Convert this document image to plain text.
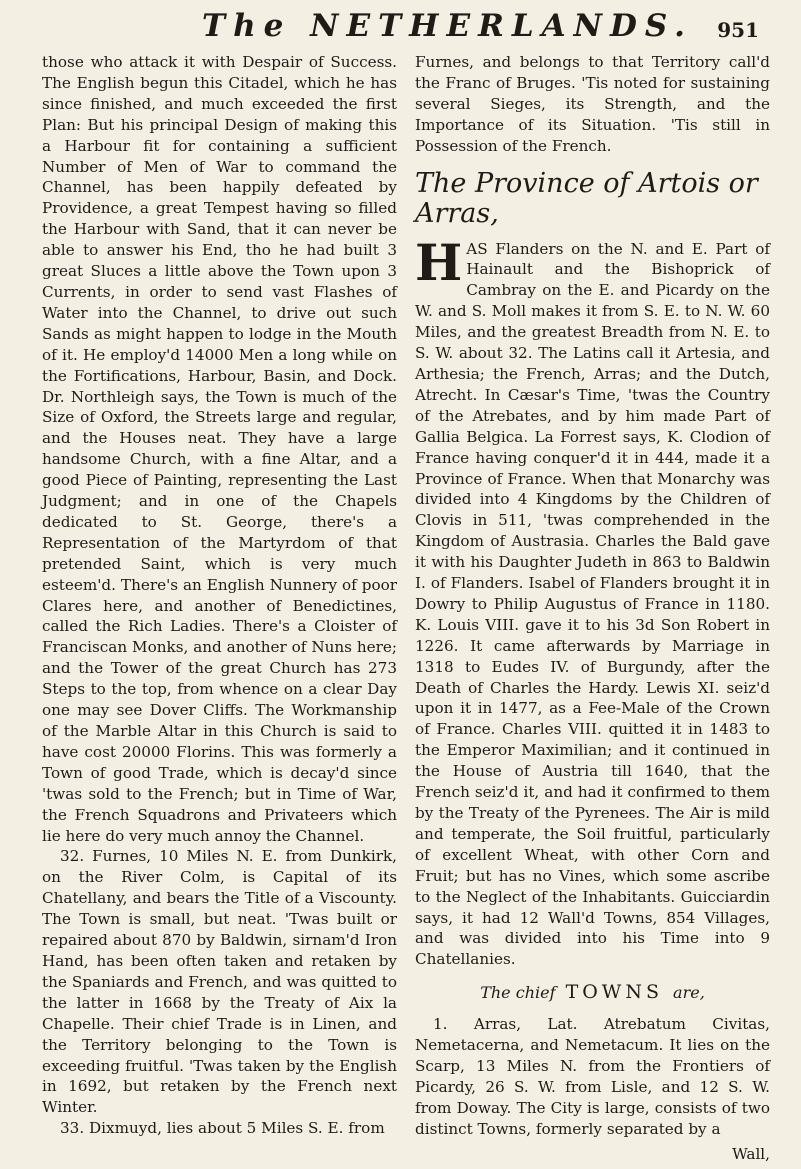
The NETHERLANDS. 951

those who attack it with Despair of Success. The English begun this Citadel, which he has since finished, and much exceeded the first Plan: But his principal Design of making this a Harbour fit for containing a sufficient Number of Men of War to command the Channel, has been happily defeated by Providence, a great Tempest having so filled the Harbour with Sand, that it can never be able to answer his End, tho he had built 3 great Sluces a little above the Town upon 3 Currents, in order to send vast Flashes of Water into the Channel, to drive out such Sands as might happen to lodge in the Mouth of it. He employ'd 14000 Men a long while on the Fortifications, Harbour, Basin, and Dock. Dr. Northleigh says, the Town is much of the Size of Oxford, the Streets large and regular, and the Houses neat. They have a large handsome Church, with a fine Altar, and a good Piece of Painting, representing the Last Judgment; and in one of the Chapels dedicated to St. George, there's a Representation of the Martyrdom of that pretended Saint, which is very much esteem'd. There's an English Nunnery of poor Clares here, and another of Benedictines, called the Rich Ladies. There's a Cloister of Franciscan Monks, and another of Nuns here; and the Tower of the great Church has 273 Steps to the top, from whence on a clear Day one may see Dover Cliffs. The Workmanship of the Marble Altar in this Church is said to have cost 20000 Florins. This was formerly a Town of good Trade, which is decay'd since 'twas sold to the French; but in Time of War, the French Squadrons and Privateers which lie here do very much annoy the Channel.

32. Furnes, 10 Miles N. E. from Dunkirk, on the River Colm, is Capital of its Chatellany, and bears the Title of a Viscounty. The Town is small, but neat. 'Twas built or repaired about 870 by Baldwin, sirnam'd Iron Hand, has been often taken and retaken by the Spaniards and French, and was quitted to the latter in 1668 by the Treaty of Aix la Chapelle. Their chief Trade is in Linen, and the Territory belonging to the Town is exceeding fruitful. 'Twas taken by the English in 1692, but retaken by the French next Winter.

33. Dixmuyd, lies about 5 Miles S. E. from

Furnes, and belongs to that Territory call'd the Franc of Bruges. 'Tis noted for sustaining several Sieges, its Strength, and the Importance of its Situation. 'Tis still in Possession of the French.

The Province of Artois or Arras,

HAS Flanders on the N. and E. Part of Hainault and the Bishoprick of Cambray on the E. and Picardy on the W. and S. Moll makes it from S. E. to N. W. 60 Miles, and the greatest Breadth from N. E. to S. W. about 32. The Latins call it Artesia, and Arthesia; the French, Arras; and the Dutch, Atrecht. In Cæsar's Time, 'twas the Country of the Atrebates, and by him made Part of Gallia Belgica. La Forrest says, K. Clodion of France having conquer'd it in 444, made it a Province of France. When that Monarchy was divided into 4 Kingdoms by the Children of Clovis in 511, 'twas comprehended in the Kingdom of Austrasia. Charles the Bald gave it with his Daughter Judeth in 863 to Baldwin I. of Flanders. Isabel of Flanders brought it in Dowry to Philip Augustus of France in 1180. K. Louis VIII. gave it to his 3d Son Robert in 1226. It came afterwards by Marriage in 1318 to Eudes IV. of Burgundy, after the Death of Charles the Hardy. Lewis XI. seiz'd upon it in 1477, as a Fee-Male of the Crown of France. Charles VIII. quitted it in 1483 to the Emperor Maximilian; and it continued in the House of Austria till 1640, that the French seiz'd it, and had it confirmed to them by the Treaty of the Pyrenees. The Air is mild and temperate, the Soil fruitful, particularly of excellent Wheat, with other Corn and Fruit; but has no Vines, which some ascribe to the Neglect of the Inhabitants. Guicciardin says, it had 12 Wall'd Towns, 854 Villages, and was divided into his Time into 9 Chatellanies.

The chief TOWNS are,

1. Arras, Lat. Atrebatum Civitas, Nemetacerna, and Nemetacum. It lies on the Scarp, 13 Miles N. from the Frontiers of Picardy, 26 S. W. from Lisle, and 12 S. W. from Doway. The City is large, consists of two distinct Towns, formerly separated by a

Wall,
